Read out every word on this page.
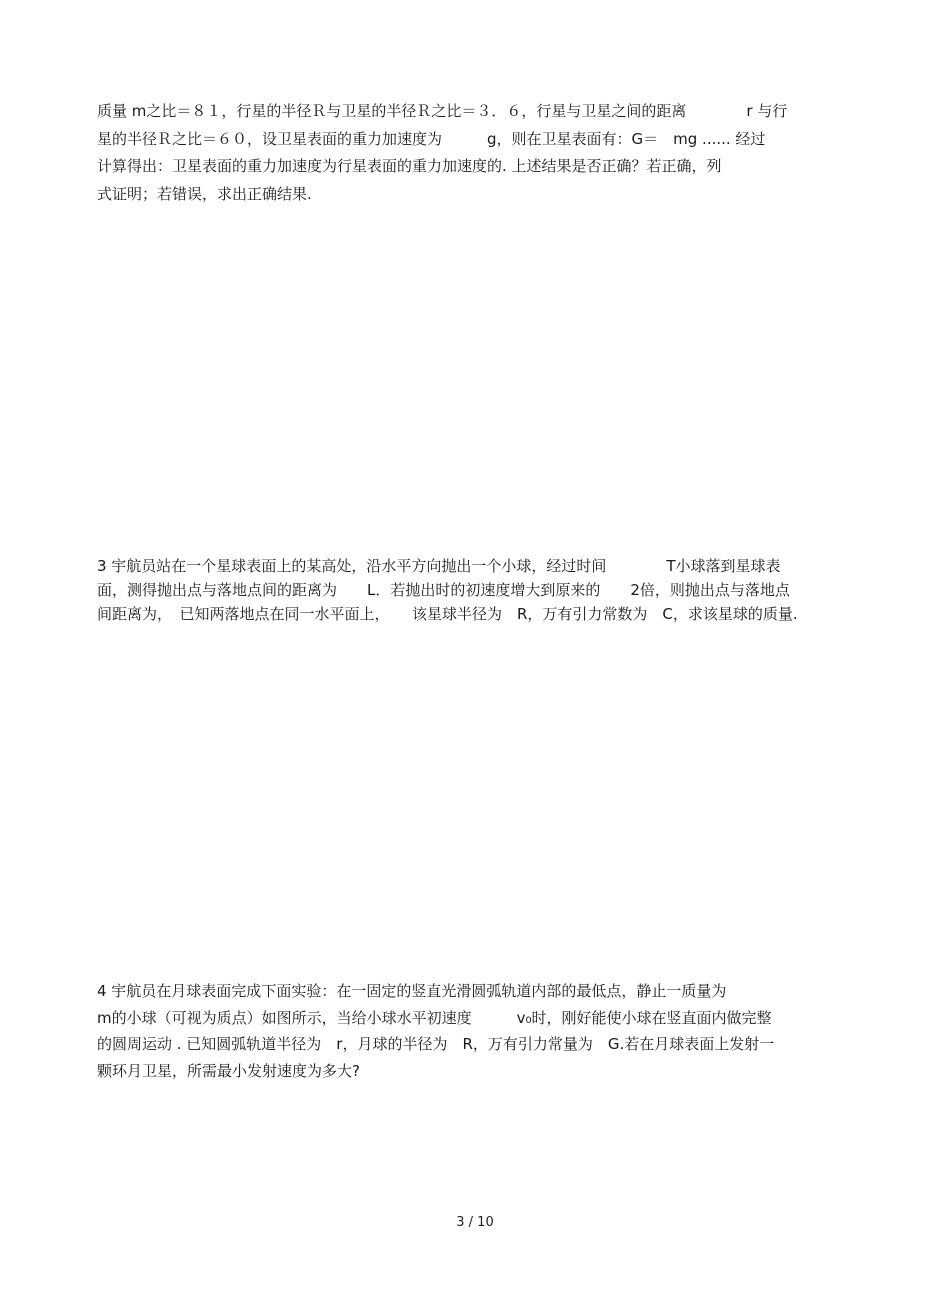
质量 m之比＝８１，行星的半径Ｒ与卫星的半径Ｒ之比＝３．６，行星与卫星之间的距离　　　　r 与行
星的半径Ｒ之比＝６０，设卫星表面的重力加速度为　　　g，则在卫星表面有：G＝　mg ...... 经过
计算得出：卫星表面的重力加速度为行星表面的重力加速度的. 上述结果是否正确？若正确，列
式证明；若错误，求出正确结果.
3 宇航员站在一个星球表面上的某高处，沿水平方向抛出一个小球，经过时间　　　　T小球落到星球表
面，测得抛出点与落地点间的距离为　　L．若抛出时的初速度增大到原来的　　2倍，则抛出点与落地点
间距离为，　已知两落地点在同一水平面上，　　该星球半径为　R，万有引力常数为　C，求该星球的质量.
4 宇航员在月球表面完成下面实验：在一固定的竖直光滑圆弧轨道内部的最低点，静止一质量为
m的小球（可视为质点）如图所示，当给小球水平初速度　　　v₀时，刚好能使小球在竖直面内做完整
的圆周运动 . 已知圆弧轨道半径为　r，月球的半径为　R，万有引力常量为　G.若在月球表面上发射一
颗环月卫星，所需最小发射速度为多大?
3 / 10
